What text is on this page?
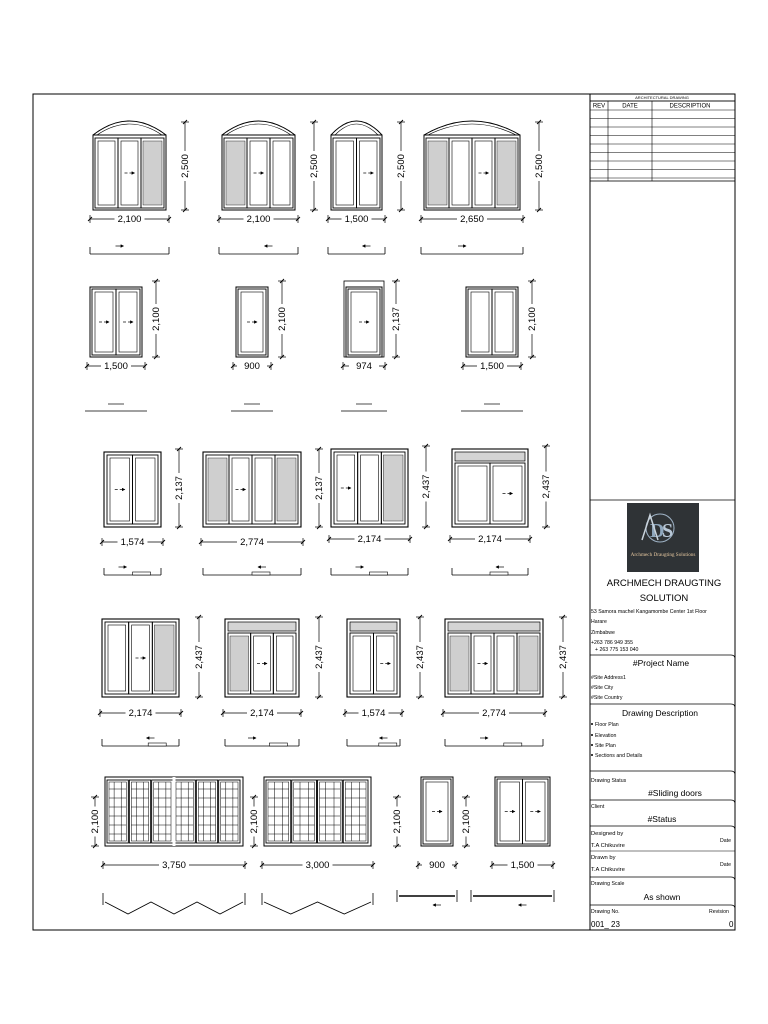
2,500
2,100
2,500
2,100
2,500
1,500
2,500
2,650
2,100
1,500
2,100
900
2,137
974
2,100
1,500
2,137
1,574
2,137
2,774
2,437
2,174
2,437
2,174
2,437
2,174
2,437
2,174
2,437
1,574
2,437
2,774
2,100
3,750
2,100
3,000
2,100
900
2,100
1,500
ARCHITECTURAL DRAWING
REV	DATE	DESCRIPTION
D
S
Archmech Draugting Solutions
ARCHMECH DRAUGTING
SOLUTION
53 Samora machel Kangamombe Center 1st Floor
Harare
Zimbabwe
+263 786 949 355
+ 263 775 153 040
#Project Name
#Site Address1
#Site City
#Site Country
Drawing Description
Floor Plan
Elevation
Site Plan
Sections and Details
Drawing Status
#Sliding doors
Client
#Status
Designed by
Date
T.A Chikuvire
Drawn by
Date
T.A Chikuvire
Drawing Scale
As shown
Drawing No.	Revision
001_ 23	0
